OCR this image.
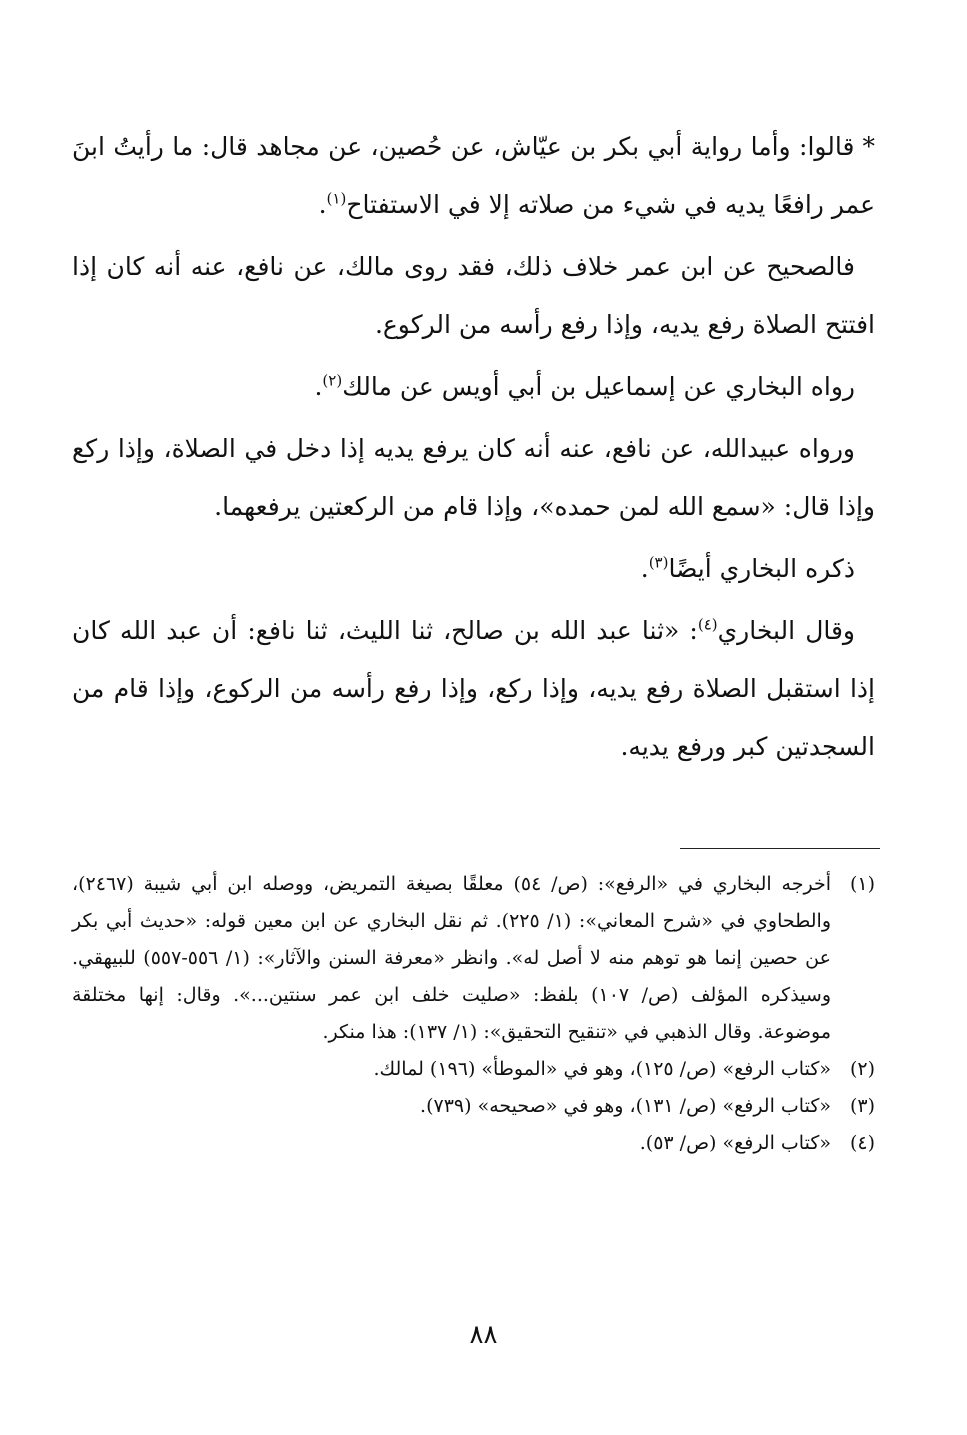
*قالوا: وأما رواية أبي بكر بن عيّاش، عن حُصين، عن مجاهد قال: ما رأيتُ ابنَ عمر رافعًا يديه في شيء من صلاته إلا في الاستفتاح$^{(١)}$.

فالصحيح عن ابن عمر خلاف ذلك، فقد روى مالك، عن نافع، عنه أنه كان إذا افتتح الصلاة رفع يديه، وإذا رفع رأسه من الركوع.

رواه البخاري عن إسماعيل بن أبي أويس عن مالك$^{(٢)}$.

ورواه عبيدالله، عن نافع، عنه أنه كان يرفع يديه إذا دخل في الصلاة، وإذا ركع وإذا قال: «سمع الله لمن حمده»، وإذا قام من الركعتين يرفعهما.

ذكره البخاري أيضًا$^{(٣)}$.

وقال البخاري$^{(٤)}$: «ثنا عبد الله بن صالح، ثنا الليث، ثنا نافع: أن عبد الله كان إذا استقبل الصلاة رفع يديه، وإذا ركع، وإذا رفع رأسه من الركوع، وإذا قام من السجدتين كبر ورفع يديه.

(١)
أخرجه البخاري في «الرفع»: (ص/ ٥٤) معلقًا بصيغة التمريض، ووصله ابن أبي شيبة (٢٤٦٧)، والطحاوي في «شرح المعاني»: (١/ ٢٢٥). ثم نقل البخاري عن ابن معين قوله: «حديث أبي بكر عن حصين إنما هو توهم منه لا أصل له». وانظر «معرفة السنن والآثار»: (١/ ٥٥٦-٥٥٧) للبيهقي. وسيذكره المؤلف (ص/ ١٠٧) بلفظ: «صليت خلف ابن عمر سنتين...». وقال: إنها مختلقة موضوعة. وقال الذهبي في «تنقيح التحقيق»: (١/ ١٣٧): هذا منكر.
(٢)
«كتاب الرفع» (ص/ ١٢٥)، وهو في «الموطأ» (١٩٦) لمالك.
(٣)
«كتاب الرفع» (ص/ ١٣١)، وهو في «صحيحه» (٧٣٩).
(٤)
«كتاب الرفع» (ص/ ٥٣).
٨٨
